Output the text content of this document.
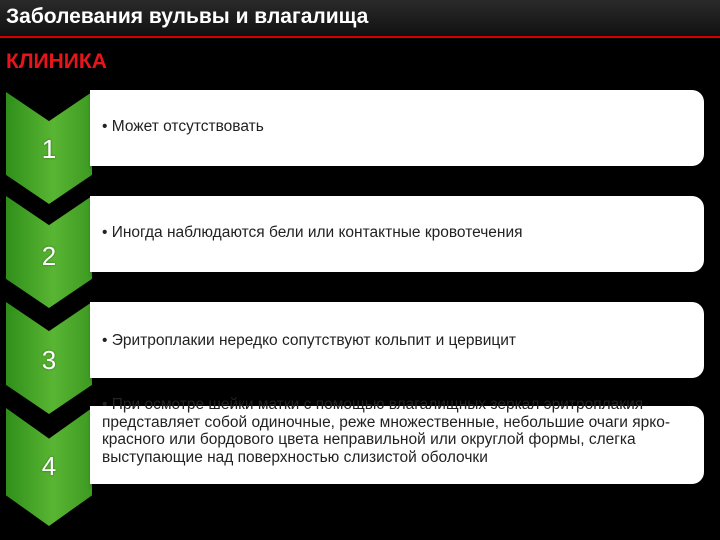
Заболевания вульвы и влагалища
КЛИНИКА
1
• Может отсутствовать
2
• Иногда наблюдаются бели или контактные кровотечения
3
• Эритроплакии нередко сопутствуют кольпит и цервицит
4
• При осмотре шейки матки с помощью влагалищных зеркал эритроплакия представляет собой одиночные, реже множественные, небольшие очаги ярко-красного или бордового цвета неправильной или округлой формы, слегка выступающие над поверхностью слизистой оболочки
